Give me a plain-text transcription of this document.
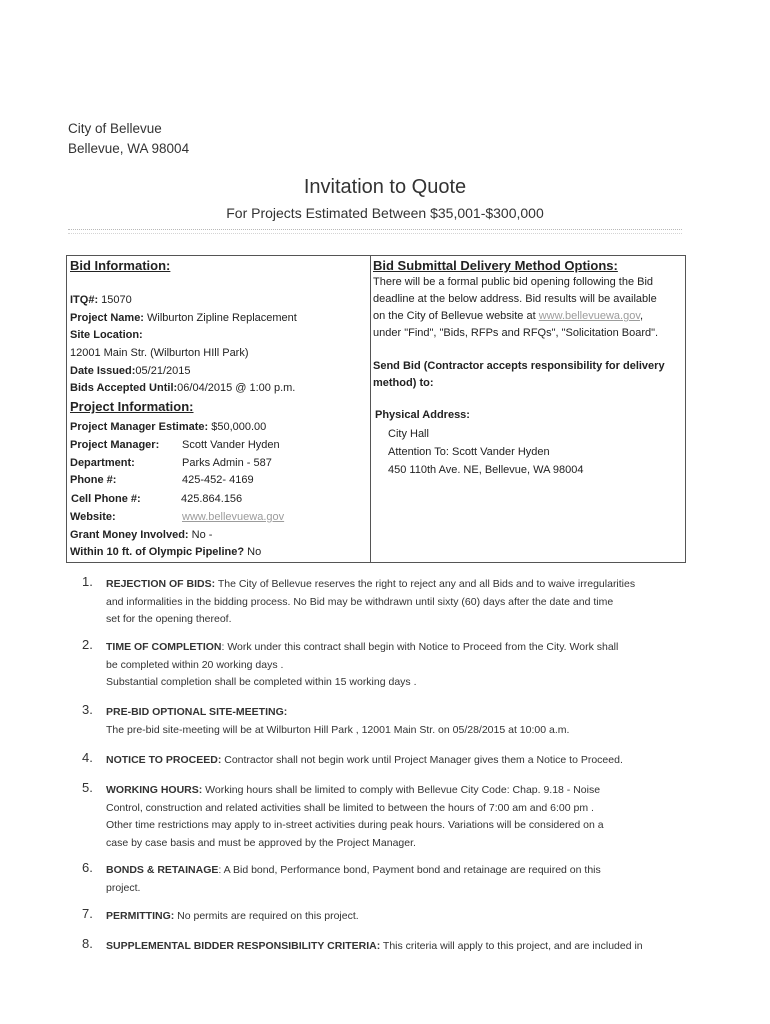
City of Bellevue
Bellevue, WA 98004
Invitation to Quote
For Projects Estimated Between $35,001-$300,000
Bid Information:
ITQ#: 15070
Project Name: Wilburton Zipline Replacement
Site Location:
12001 Main Str. (Wilburton HIll Park)
Date Issued:05/21/2015
Bids Accepted Until:06/04/2015 @ 1:00 p.m.
Project Information:
Project Manager Estimate: $50,000.00
Project Manager: Scott Vander Hyden
Department:	Parks Admin - 587
Phone #:	425-452- 4169
Cell Phone #:	425.864.156
Website:	www.bellevuewa.gov
Grant Money Involved: No -
Within 10 ft. of Olympic Pipeline? No
Bid Submittal Delivery Method Options:
There will be a formal public bid opening following the Bid
deadline at the below address. Bid results will be available
on the City of Bellevue website at www.bellevuewa.gov,
under "Find", "Bids, RFPs and RFQs", "Solicitation Board".
Send Bid (Contractor accepts responsibility for delivery
method) to:
Physical Address:
City Hall
Attention To: Scott Vander Hyden
450 110th Ave. NE, Bellevue, WA 98004
1. REJECTION OF BIDS: The City of Bellevue reserves the right to reject any and all Bids and to waive irregularities
and informalities in the bidding process. No Bid may be withdrawn until sixty (60) days after the date and time
set for the opening thereof.
2. TIME OF COMPLETION: Work under this contract shall begin with Notice to Proceed from the City. Work shall
be completed within 20 working days .
Substantial completion shall be completed within 15 working days .
3. PRE-BID OPTIONAL SITE-MEETING:
The pre-bid site-meeting will be at Wilburton Hill Park , 12001 Main Str. on 05/28/2015 at 10:00 a.m.
4. NOTICE TO PROCEED: Contractor shall not begin work until Project Manager gives them a Notice to Proceed.
5. WORKING HOURS: Working hours shall be limited to comply with Bellevue City Code: Chap. 9.18 - Noise
Control, construction and related activities shall be limited to between the hours of 7:00 am and 6:00 pm .
Other time restrictions may apply to in-street activities during peak hours. Variations will be considered on a
case by case basis and must be approved by the Project Manager.
6. BONDS & RETAINAGE: A Bid bond, Performance bond, Payment bond and retainage are required on this
project.
7. PERMITTING: No permits are required on this project.
8. SUPPLEMENTAL BIDDER RESPONSIBILITY CRITERIA: This criteria will apply to this project, and are included in
